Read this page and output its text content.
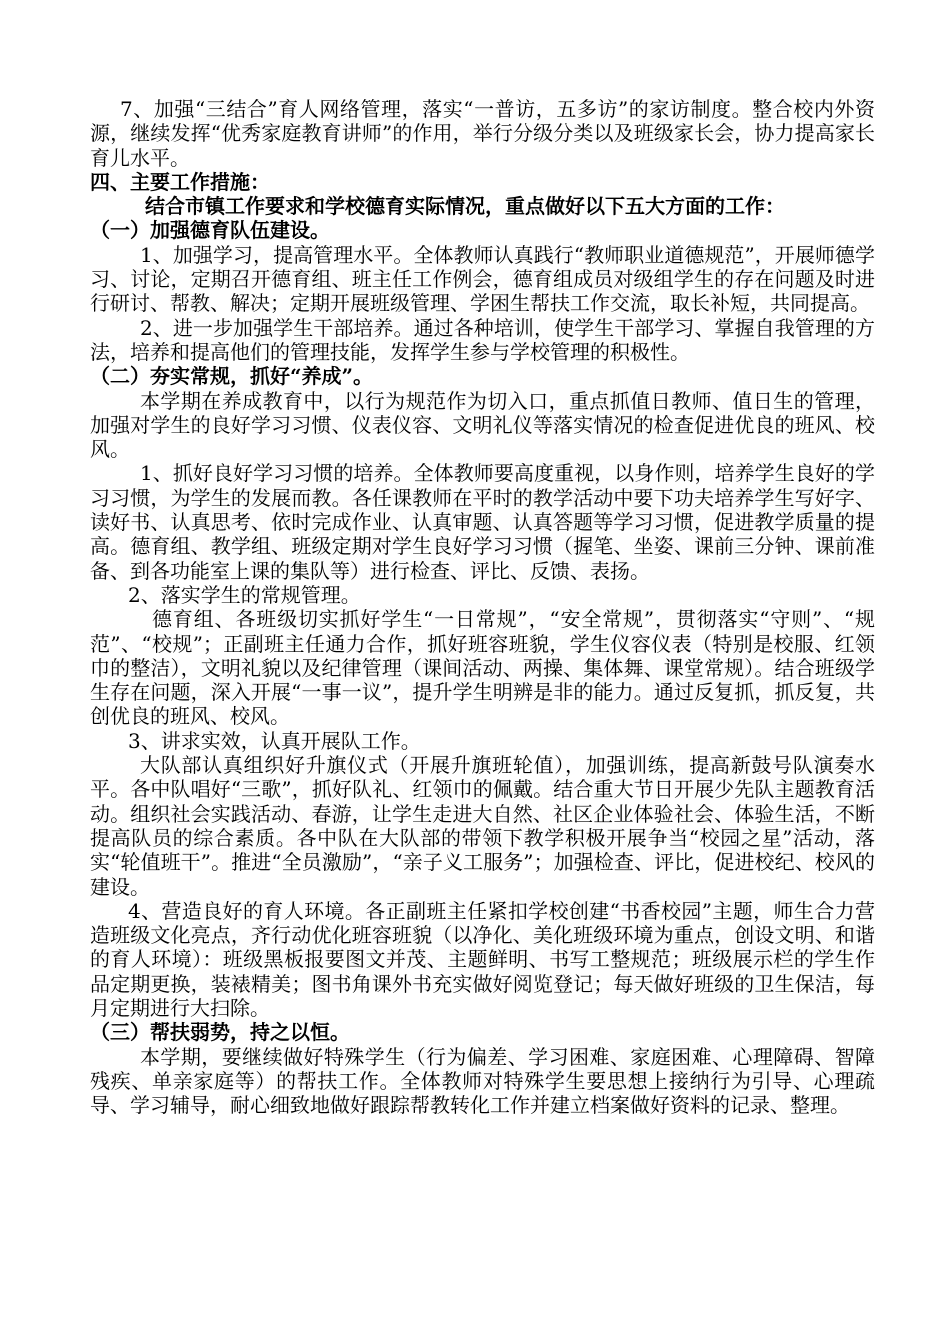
7、加强“三结合”育人网络管理，落实“一普访，五多访”的家访制度。整合校内外资源，继续发挥“优秀家庭教育讲师”的作用，举行分级分类以及班级家长会，协力提高家长育儿水平。

四、主要工作措施：

结合市镇工作要求和学校德育实际情况，重点做好以下五大方面的工作：

（一）加强德育队伍建设。

1、加强学习，提高管理水平。全体教师认真践行“教师职业道德规范”，开展师德学习、讨论，定期召开德育组、班主任工作例会，德育组成员对级组学生的存在问题及时进行研讨、帮教、解决；定期开展班级管理、学困生帮扶工作交流，取长补短，共同提高。

2、进一步加强学生干部培养。通过各种培训，使学生干部学习、掌握自我管理的方法，培养和提高他们的管理技能，发挥学生参与学校管理的积极性。

（二）夯实常规，抓好“养成”。

本学期在养成教育中，以行为规范作为切入口，重点抓值日教师、值日生的管理，加强对学生的良好学习习惯、仪表仪容、文明礼仪等落实情况的检查促进优良的班风、校风。

1、抓好良好学习习惯的培养。全体教师要高度重视，以身作则，培养学生良好的学习习惯，为学生的发展而教。各任课教师在平时的教学活动中要下功夫培养学生写好字、读好书、认真思考、依时完成作业、认真审题、认真答题等学习习惯，促进教学质量的提高。德育组、教学组、班级定期对学生良好学习习惯（握笔、坐姿、课前三分钟、课前准备、到各功能室上课的集队等）进行检查、评比、反馈、表扬。

2、落实学生的常规管理。

德育组、各班级切实抓好学生“一日常规”，“安全常规”，贯彻落实“守则”、“规范”、“校规”；正副班主任通力合作，抓好班容班貌，学生仪容仪表（特别是校服、红领巾的整洁），文明礼貌以及纪律管理（课间活动、两操、集体舞、课堂常规）。结合班级学生存在问题，深入开展“一事一议”，提升学生明辨是非的能力。通过反复抓，抓反复，共创优良的班风、校风。

3、讲求实效，认真开展队工作。

大队部认真组织好升旗仪式（开展升旗班轮值），加强训练，提高新鼓号队演奏水平。各中队唱好“三歌”，抓好队礼、红领巾的佩戴。结合重大节日开展少先队主题教育活动。组织社会实践活动、春游，让学生走进大自然、社区企业体验社会、体验生活，不断提高队员的综合素质。各中队在大队部的带领下教学积极开展争当“校园之星”活动，落实“轮值班干”。推进“全员激励”，“亲子义工服务”；加强检查、评比，促进校纪、校风的建设。

4、营造良好的育人环境。各正副班主任紧扣学校创建“书香校园”主题，师生合力营造班级文化亮点，齐行动优化班容班貌（以净化、美化班级环境为重点，创设文明、和谐的育人环境）：班级黑板报要图文并茂、主题鲜明、书写工整规范；班级展示栏的学生作品定期更换，装裱精美；图书角课外书充实做好阅览登记；每天做好班级的卫生保洁，每月定期进行大扫除。

（三）帮扶弱势，持之以恒。

本学期，要继续做好特殊学生（行为偏差、学习困难、家庭困难、心理障碍、智障残疾、单亲家庭等）的帮扶工作。全体教师对特殊学生要思想上接纳行为引导、心理疏导、学习辅导，耐心细致地做好跟踪帮教转化工作并建立档案做好资料的记录、整理。
